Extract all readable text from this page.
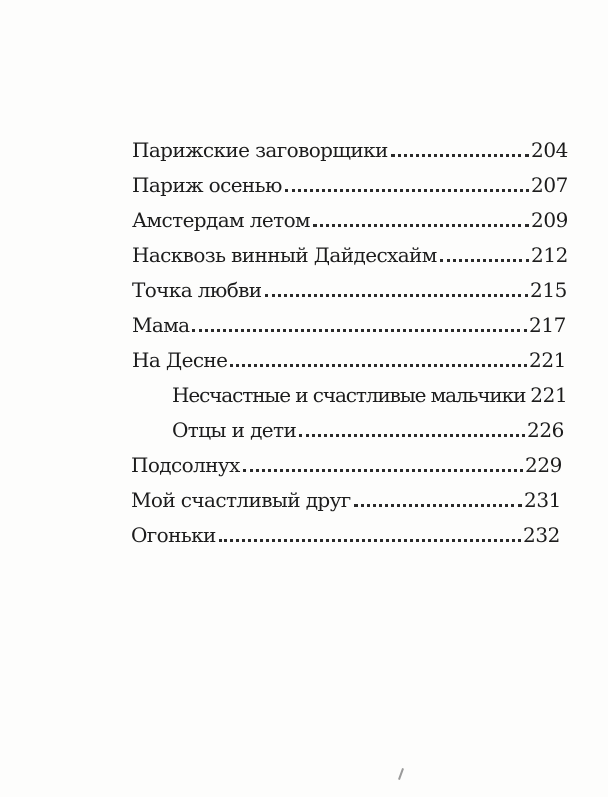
Парижские заговорщики	204
Париж осенью	207
Амстердам летом	209
Насквозь винный Дайдесхайм	212
Точка любви	215
Мама	217
На Десне	221
Несчастные и счастливые мальчики 221
Отцы и дети	226
Подсолнух	229
Мой счастливый друг	231
Огоньки	232
